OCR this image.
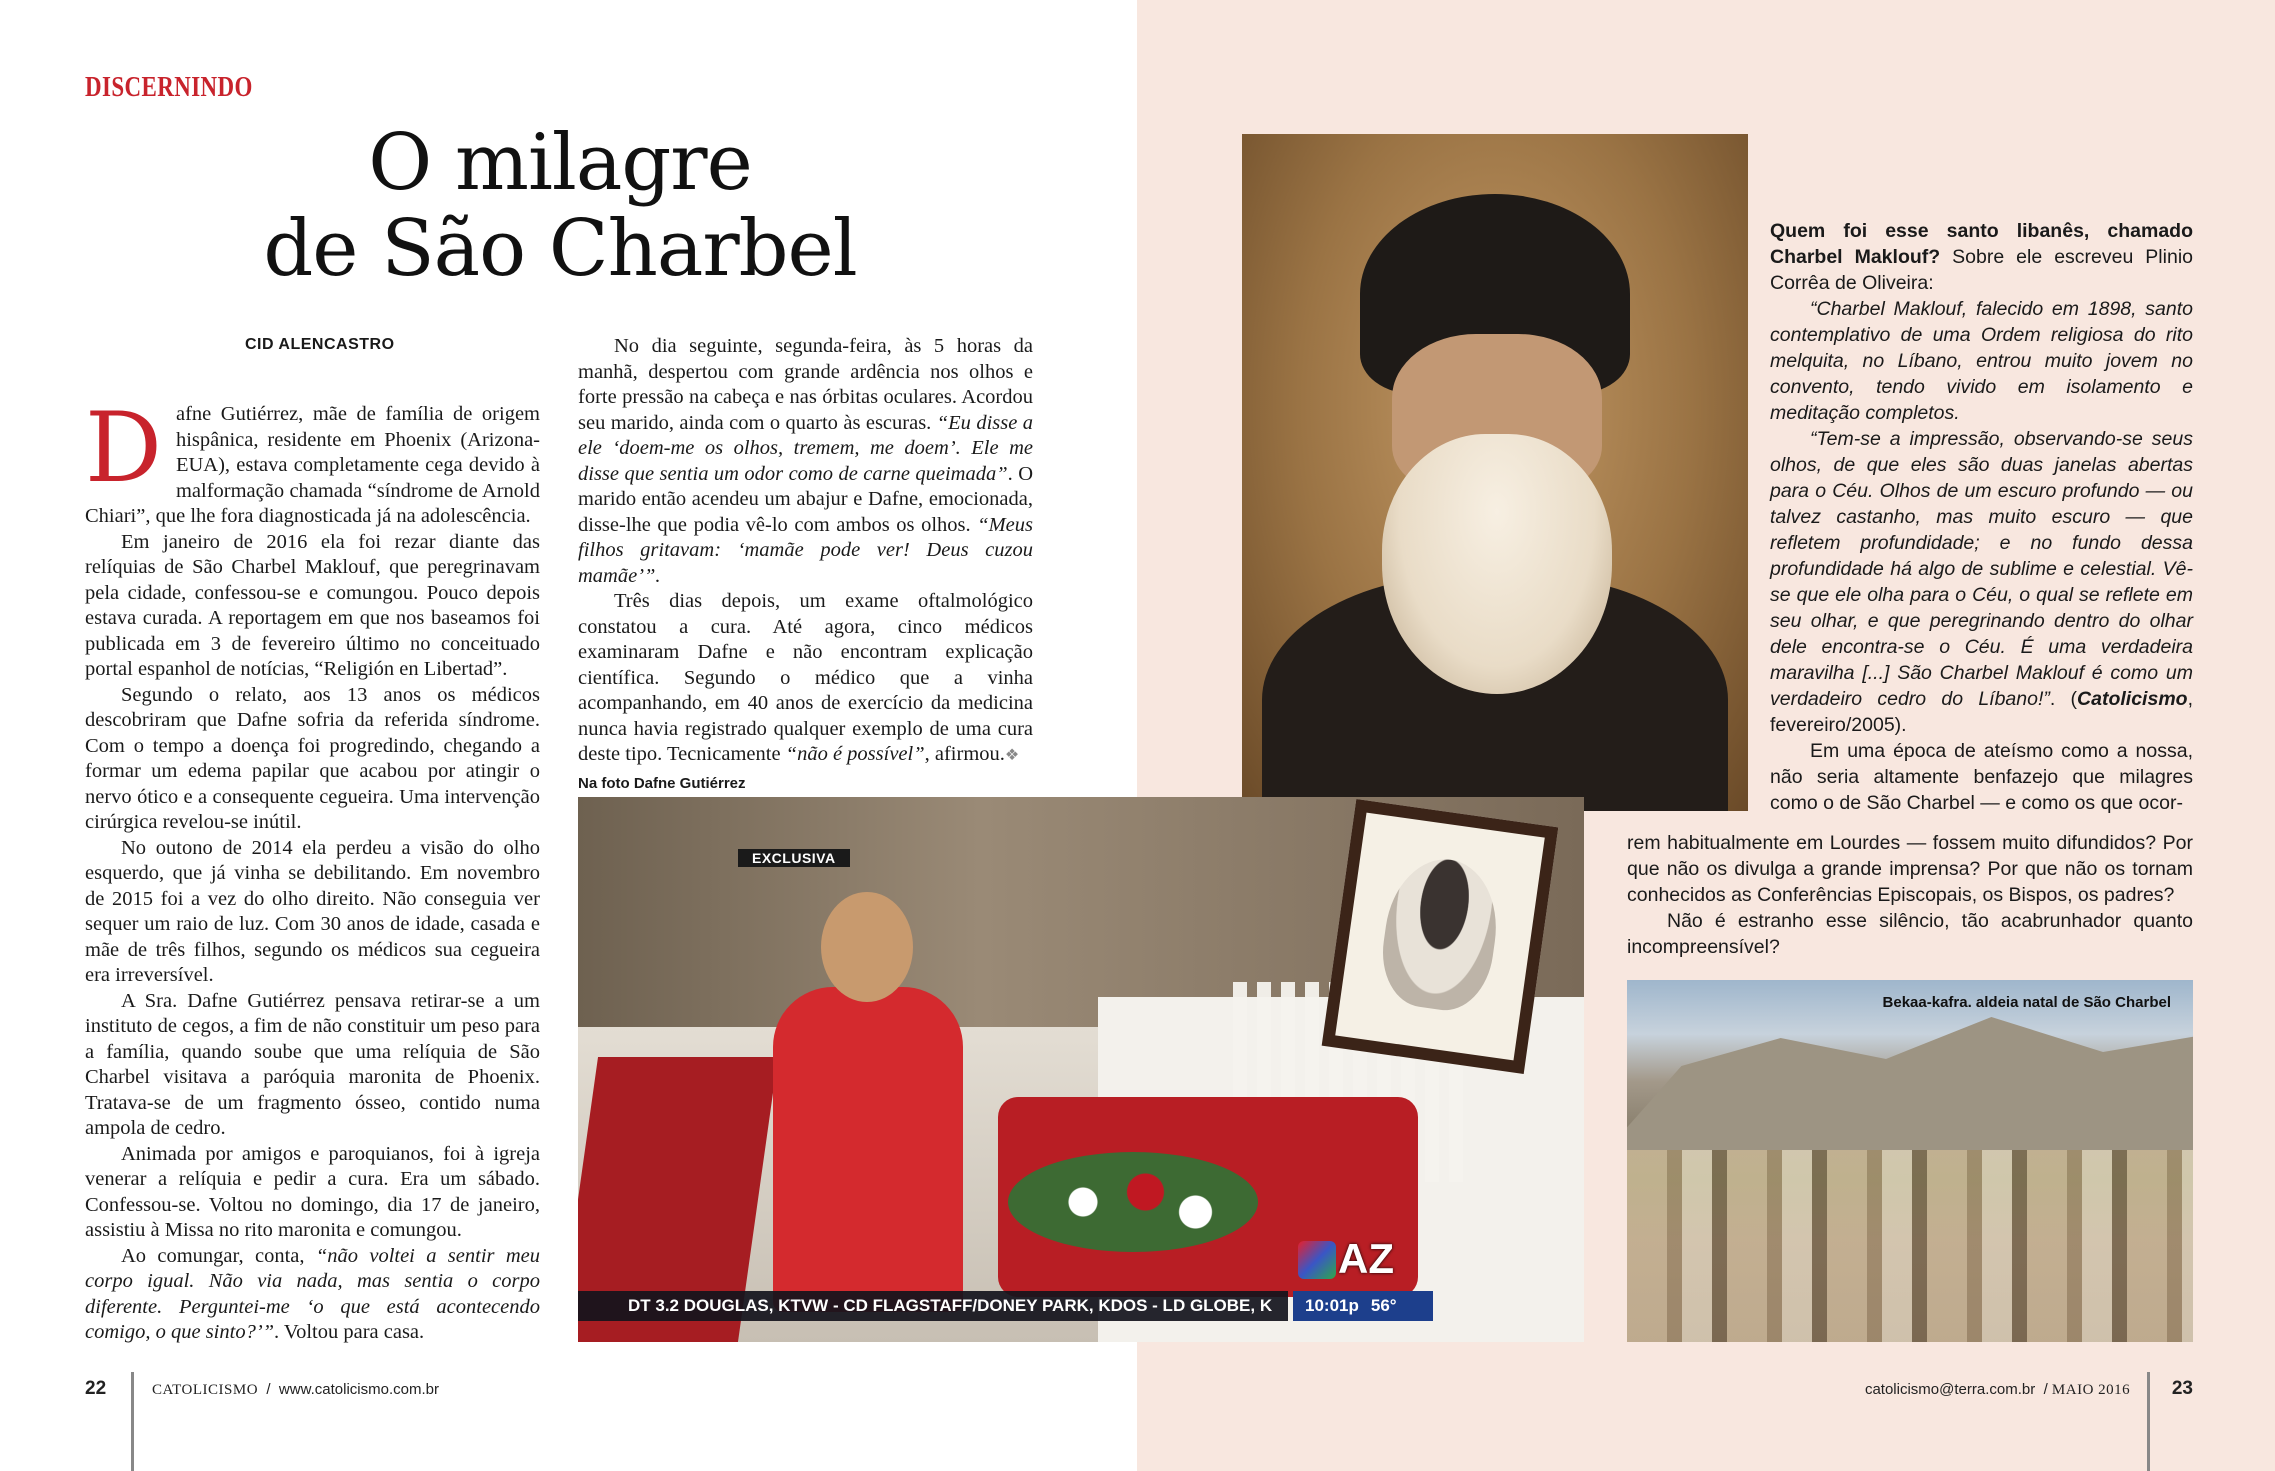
DISCERNINDO
O milagre
de São Charbel
CID ALENCASTRO

Dafne Gutiérrez, mãe de família de origem hispânica, residente em Phoenix (Arizona-EUA), estava completamente cega devido à malformação chamada “síndrome de Arnold Chiari”, que lhe fora diagnosticada já na adolescência.

Em janeiro de 2016 ela foi rezar diante das relíquias de São Charbel Maklouf, que peregrinavam pela cidade, confessou-se e comungou. Pouco depois estava curada. A reportagem em que nos baseamos foi publicada em 3 de fevereiro último no conceituado portal espanhol de notícias, “Religión en Libertad”.

Segundo o relato, aos 13 anos os médicos descobriram que Dafne sofria da referida síndrome. Com o tempo a doença foi progredindo, chegando a formar um edema papilar que acabou por atingir o nervo ótico e a consequente cegueira. Uma intervenção cirúrgica revelou-se inútil.

No outono de 2014 ela perdeu a visão do olho esquerdo, que já vinha se debilitando. Em novembro de 2015 foi a vez do olho direito. Não conseguia ver sequer um raio de luz. Com 30 anos de idade, casada e mãe de três filhos, segundo os médicos sua cegueira era irreversível.

A Sra. Dafne Gutiérrez pensava retirar-se a um instituto de cegos, a fim de não constituir um peso para a família, quando soube que uma relíquia de São Charbel visitava a paróquia maronita de Phoenix. Tratava-se de um fragmento ósseo, contido numa ampola de cedro.

Animada por amigos e paroquianos, foi à igreja venerar a relíquia e pedir a cura. Era um sábado. Confessou-se. Voltou no domingo, dia 17 de janeiro, assistiu à Missa no rito maronita e comungou.

Ao comungar, conta, “não voltei a sentir meu corpo igual. Não via nada, mas sentia o corpo diferente. Perguntei-me ‘o que está acontecendo comigo, o que sinto?’”. Voltou para casa.

No dia seguinte, segunda-feira, às 5 horas da manhã, despertou com grande ardência nos olhos e forte pressão na cabeça e nas órbitas oculares. Acordou seu marido, ainda com o quarto às escuras. “Eu disse a ele ‘doem-me os olhos, tremem, me doem’. Ele me disse que sentia um odor como de carne queimada”. O marido então acendeu um abajur e Dafne, emocionada, disse-lhe que podia vê-lo com ambos os olhos. “Meus filhos gritavam: ‘mamãe pode ver! Deus cuzou mamãe’”.

Três dias depois, um exame oftalmológico constatou a cura. Até agora, cinco médicos examinaram Dafne e não encontram explicação científica. Segundo o médico que a vinha acompanhando, em 40 anos de exercício da medicina nunca havia registrado qualquer exemplo de uma cura deste tipo. Tecnicamente “não é possível”, afirmou.❖

Na foto Dafne Gutiérrez
22	CATOLICISMO / www.catolicismo.com.br	catolicismo@terra.com.br / MAIO 2016 23
EXCLUSIVA
AZ
DT 3.2 DOUGLAS, KTVW - CD FLAGSTAFF/DONEY PARK, KDOS - LD GLOBE, K	10:01p 56°

Quem foi esse santo libanês, chamado Charbel Maklouf? Sobre ele escreveu Plinio Corrêa de Oliveira:

“Charbel Maklouf, falecido em 1898, santo contemplativo de uma Ordem religiosa do rito melquita, no Líbano, entrou muito jovem no convento, tendo vivido em isolamento e meditação completos.

“Tem-se a impressão, observando-se seus olhos, de que eles são duas janelas abertas para o Céu. Olhos de um escuro profundo — ou talvez castanho, mas muito escuro — que refletem profundidade; e no fundo dessa profundidade há algo de sublime e celestial. Vê-se que ele olha para o Céu, o qual se reflete em seu olhar, e que peregrinando dentro do olhar dele encontra-se o Céu. É uma verdadeira maravilha [...] São Charbel Maklouf é como um verdadeiro cedro do Líbano!”. (Catolicismo, fevereiro/2005).

Em uma época de ateísmo como a nossa, não seria altamente benfazejo que milagres como o de São Charbel — e como os que ocor-

rem habitualmente em Lourdes — fossem muito difundidos? Por que não os divulga a grande imprensa? Por que não os tornam conhecidos as Conferências Episcopais, os Bispos, os padres?

Não é estranho esse silêncio, tão acabrunhador quanto incompreensível?

Bekaa-kafra. aldeia natal de São Charbel
